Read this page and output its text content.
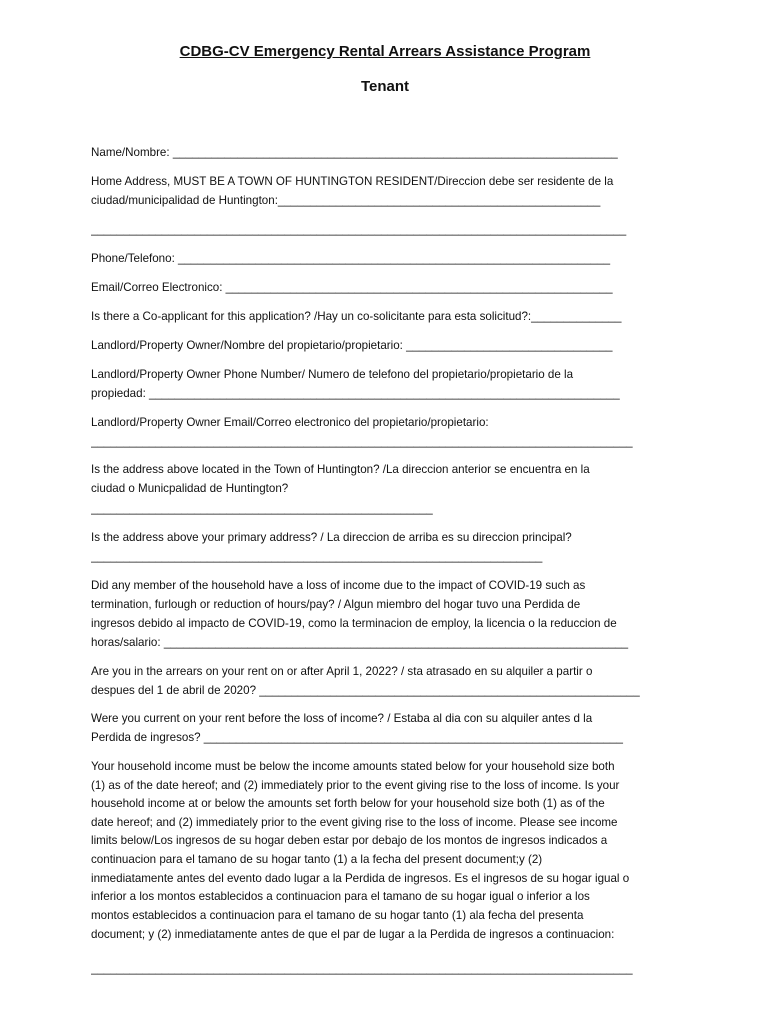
CDBG-CV Emergency Rental Arrears Assistance Program
Tenant
Name/Nombre: _____________________________________________________________________
Home Address, MUST BE A TOWN OF HUNTINGTON RESIDENT/Direccion debe ser residente de la
ciudad/municipalidad de Huntington:__________________________________________________
___________________________________________________________________________________
Phone/Telefono: ___________________________________________________________________
Email/Correo Electronico: ____________________________________________________________
Is there a Co-applicant for this application? /Hay un co-solicitante para esta solicitud?:______________
Landlord/Property Owner/Nombre del propietario/propietario: ________________________________
Landlord/Property Owner Phone Number/ Numero de telefono del propietario/propietario de la
propiedad: _________________________________________________________________________
Landlord/Property Owner Email/Correo electronico del propietario/propietario:
____________________________________________________________________________________
Is the address above located in the Town of Huntington? /La direccion anterior se encuentra en la
ciudad o Municpalidad de Huntington?
_____________________________________________________
Is the address above your primary address? / La direccion de arriba es su direccion principal?
______________________________________________________________________
Did any member of the household have a loss of income due to the impact of COVID-19 such as
termination, furlough or reduction of hours/pay? / Algun miembro del hogar tuvo una Perdida de
ingresos debido al impacto de COVID-19, como la terminacion de employ, la licencia o la reduccion de
horas/salario: ________________________________________________________________________
Are you in the arrears on your rent on or after April 1, 2022? / sta atrasado en su alquiler a partir o
despues del 1 de abril de 2020? ___________________________________________________________
Were you current on your rent before the loss of income? / Estaba al dia con su alquiler antes d la
Perdida de ingresos? _________________________________________________________________
Your household income must be below the income amounts stated below for your household size both
(1) as of the date hereof; and (2) immediately prior to the event giving rise to the loss of income. Is your
household income at or below the amounts set forth below for your household size both (1) as of the
date hereof; and (2) immediately prior to the event giving rise to the loss of income. Please see income
limits below/Los ingresos de su hogar deben estar por debajo de los montos de ingresos indicados a
continuacion para el tamano de su hogar tanto (1) a la fecha del present document;y (2)
inmediatamente antes del evento dado lugar a la Perdida de ingresos. Es el ingresos de su hogar igual o
inferior a los montos establecidos a continuacion para el tamano de su hogar igual o inferior a los
montos establecidos a continuacion para el tamano de su hogar tanto (1) ala fecha del presenta
document; y (2) inmediatamente antes de que el par de lugar a la Perdida de ingresos a continuacion:
____________________________________________________________________________________
